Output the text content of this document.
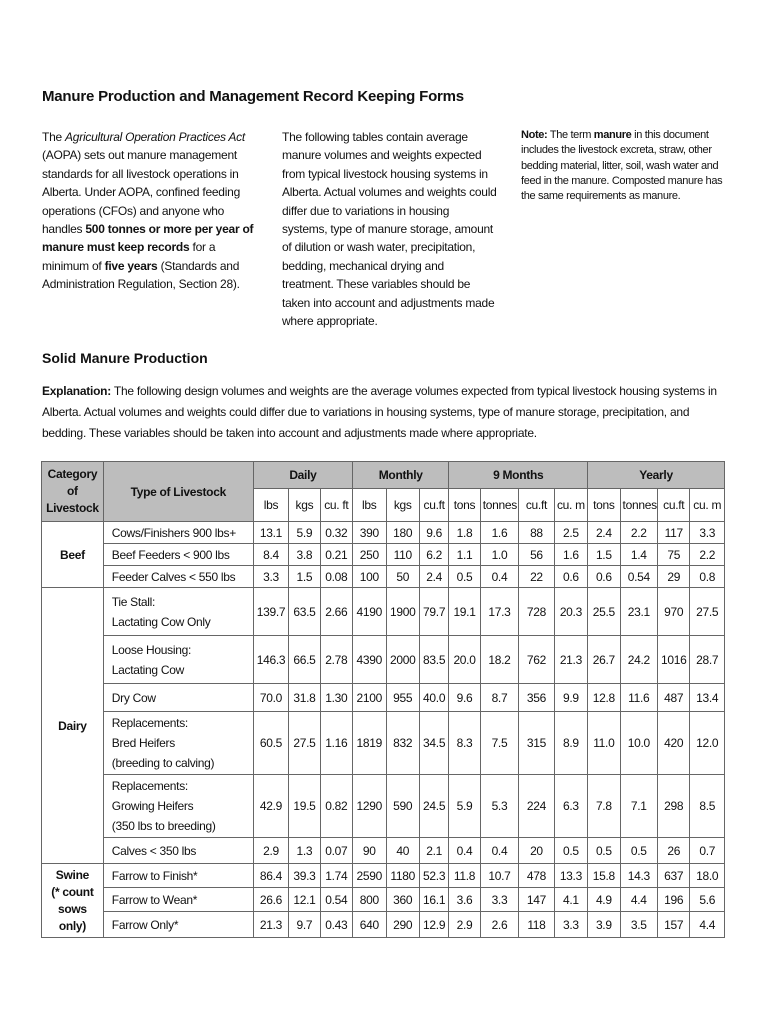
Manure Production and Management Record Keeping Forms
The Agricultural Operation Practices Act (AOPA) sets out manure management standards for all livestock operations in Alberta. Under AOPA, confined feeding operations (CFOs) and anyone who handles 500 tonnes or more per year of manure must keep records for a minimum of five years (Standards and Administration Regulation, Section 28).
The following tables contain average manure volumes and weights expected from typical livestock housing systems in Alberta. Actual volumes and weights could differ due to variations in housing systems, type of manure storage, amount of dilution or wash water, precipitation, bedding, mechanical drying and treatment. These variables should be taken into account and adjustments made where appropriate.
Note: The term manure in this document includes the livestock excreta, straw, other bedding material, litter, soil, wash water and feed in the manure. Composted manure has the same requirements as manure.
Solid Manure Production
Explanation: The following design volumes and weights are the average volumes expected from typical livestock housing systems in Alberta. Actual volumes and weights could differ due to variations in housing systems, type of manure storage, precipitation, and bedding. These variables should be taken into account and adjustments made where appropriate.
Category
of
Livestock	Type of Livestock	Daily			Monthly			9 Months				Yearly			
		lbs	kgs	cu. ft	lbs	kgs	cu.ft	tons	tonnes	cu.ft	cu. m	tons	tonnes	cu.ft	cu. m
Beef	Cows/Finishers 900 lbs+	13.1	5.9	0.32	390	180	9.6	1.8	1.6	88	2.5	2.4	2.2	117	3.3
	Beef Feeders < 900 lbs	8.4	3.8	0.21	250	110	6.2	1.1	1.0	56	1.6	1.5	1.4	75	2.2
	Feeder Calves < 550 lbs	3.3	1.5	0.08	100	50	2.4	0.5	0.4	22	0.6	0.6	0.54	29	0.8
Dairy	Tie Stall:
Lactating Cow Only	139.7	63.5	2.66	4190	1900	79.7	19.1	17.3	728	20.3	25.5	23.1	970	27.5
	Loose Housing:
Lactating Cow	146.3	66.5	2.78	4390	2000	83.5	20.0	18.2	762	21.3	26.7	24.2	1016	28.7
	Dry Cow	70.0	31.8	1.30	2100	955	40.0	9.6	8.7	356	9.9	12.8	11.6	487	13.4
	Replacements:
Bred Heifers
(breeding to calving)	60.5	27.5	1.16	1819	832	34.5	8.3	7.5	315	8.9	11.0	10.0	420	12.0
	Replacements:
Growing Heifers
(350 lbs to breeding)	42.9	19.5	0.82	1290	590	24.5	5.9	5.3	224	6.3	7.8	7.1	298	8.5
	Calves < 350 lbs	2.9	1.3	0.07	90	40	2.1	0.4	0.4	20	0.5	0.5	0.5	26	0.7
Swine
(* count
sows only)	Farrow to Finish*	86.4	39.3	1.74	2590	1180	52.3	11.8	10.7	478	13.3	15.8	14.3	637	18.0
	Farrow to Wean*	26.6	12.1	0.54	800	360	16.1	3.6	3.3	147	4.1	4.9	4.4	196	5.6
	Farrow Only*	21.3	9.7	0.43	640	290	12.9	2.9	2.6	118	3.3	3.9	3.5	157	4.4
